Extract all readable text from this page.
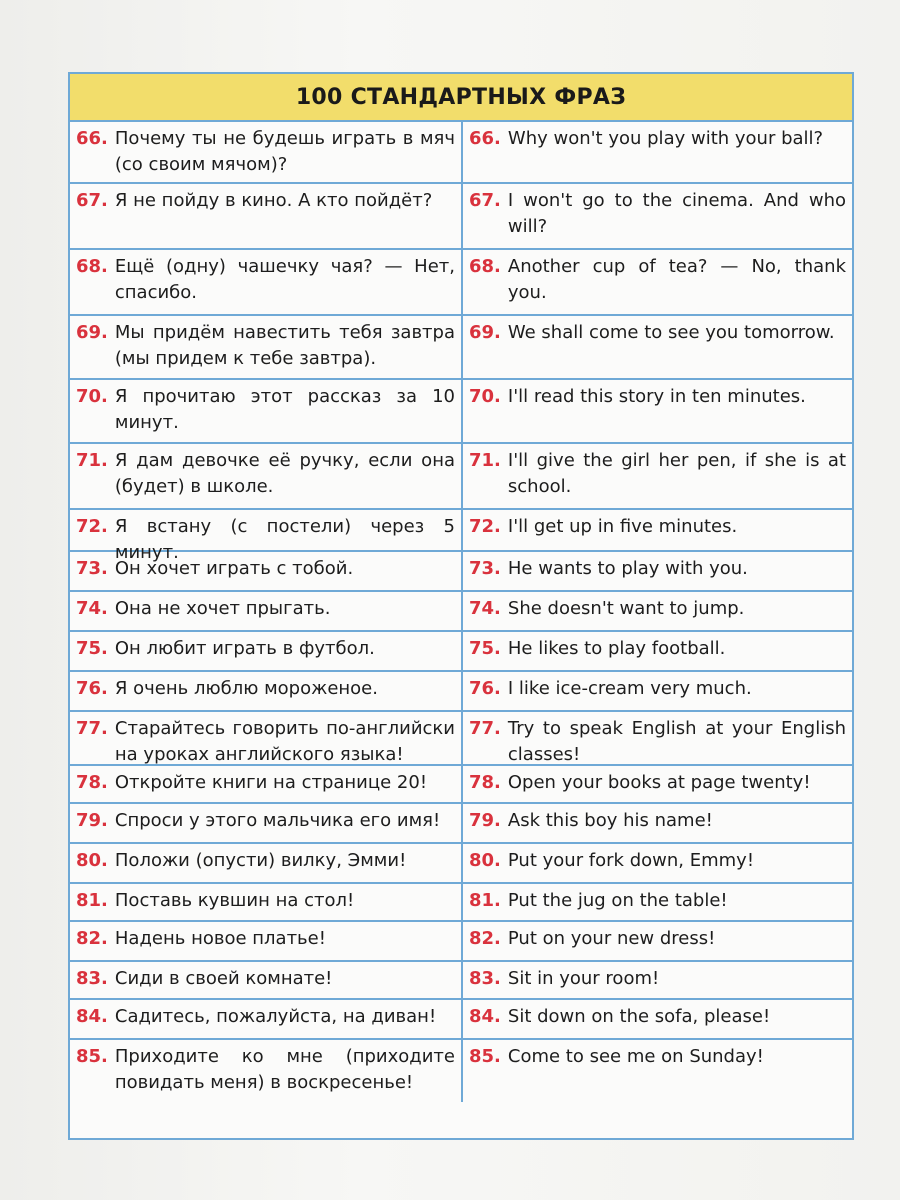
100 СТАНДАРТНЫХ ФРАЗ
66. Почему ты не будешь играть в мяч (со своим мячом)?
66. Why won't you play with your ball?
67. Я не пойду в кино. А кто пойдёт?	67. I won't go to the cinema. And who will?
68. Ещё (одну) чашечку чая? — Нет, спасибо.
68. Another cup of tea? — No, thank you.
69. Мы придём навестить тебя завтра (мы придем к тебе завтра).
69. We shall come to see you tomorrow.
70. Я прочитаю этот рассказ за 10 минут.
70. I'll read this story in ten minutes.
71. Я дам девочке её ручку, если она (будет) в школе.
71. I'll give the girl her pen, if she is at school.
72. Я встану (с постели) через 5 минут.
72. I'll get up in five minutes.
73. Он хочет играть с тобой.	73. He wants to play with you.
74. Она не хочет прыгать.	74. She doesn't want to jump.
75. Он любит играть в футбол.	75. He likes to play football.
76. Я очень люблю мороженое.	76. I like ice-cream very much.
77. Старайтесь говорить по-английски на уроках английского языка!
77. Try to speak English at your English classes!
78. Откройте книги на странице 20!	78. Open your books at page twenty!
79. Спроси у этого мальчика его имя!	79. Ask this boy his name!
80. Положи (опусти) вилку, Эмми!	80. Put your fork down, Emmy!
81. Поставь кувшин на стол!	81. Put the jug on the table!
82. Надень новое платье!	82. Put on your new dress!
83. Сиди в своей комнате!	83. Sit in your room!
84. Садитесь, пожалуйста, на диван!	84. Sit down on the sofa, please!
85. Приходите ко мне (приходите повидать меня) в воскресенье!
85. Come to see me on Sunday!
